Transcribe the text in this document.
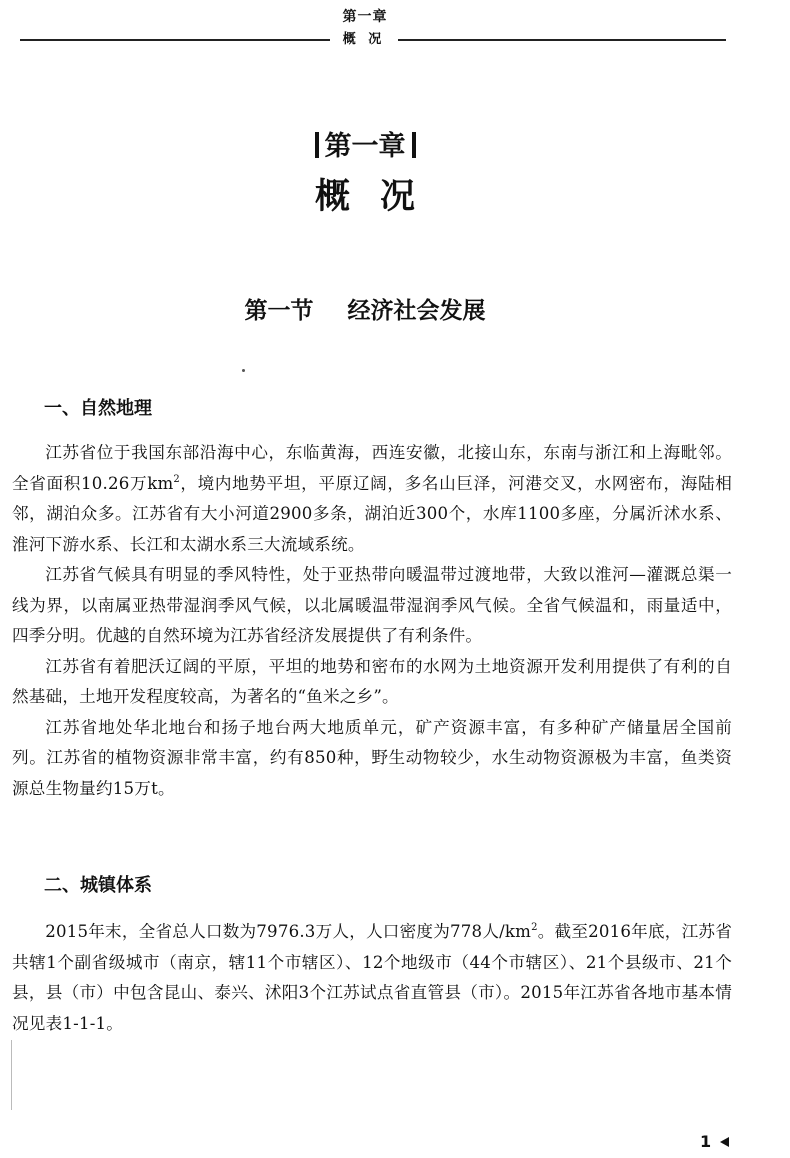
第一章
概 况
第一章
概况
第一节 经济社会发展
一、自然地理

江苏省位于我国东部沿海中心，东临黄海，西连安徽，北接山东，东南与浙江和上海毗邻。全省面积10.26万$km^2$，境内地势平坦，平原辽阔，多名山巨泽，河港交叉，水网密布，海陆相邻，湖泊众多。江苏省有大小河道2900多条，湖泊近300个，水库1100多座，分属沂沭水系、淮河下游水系、长江和太湖水系三大流域系统。

江苏省气候具有明显的季风特性，处于亚热带向暖温带过渡地带，大致以淮河—灌溉总渠一线为界，以南属亚热带湿润季风气候，以北属暖温带湿润季风气候。全省气候温和，雨量适中，四季分明。优越的自然环境为江苏省经济发展提供了有利条件。

江苏省有着肥沃辽阔的平原，平坦的地势和密布的水网为土地资源开发利用提供了有利的自然基础，土地开发程度较高，为著名的“鱼米之乡”。

江苏省地处华北地台和扬子地台两大地质单元，矿产资源丰富，有多种矿产储量居全国前列。江苏省的植物资源非常丰富，约有850种，野生动物较少，水生动物资源极为丰富，鱼类资源总生物量约15万t。

二、城镇体系

2015年末，全省总人口数为7976.3万人，人口密度为778人$/km^2$。截至2016年底，江苏省共辖1个副省级城市（南京，辖11个市辖区）、12个地级市（44个市辖区）、21个县级市、21个县，县（市）中包含昆山、泰兴、沭阳3个江苏试点省直管县（市）。2015年江苏省各地市基本情况见表1-1-1。

1
